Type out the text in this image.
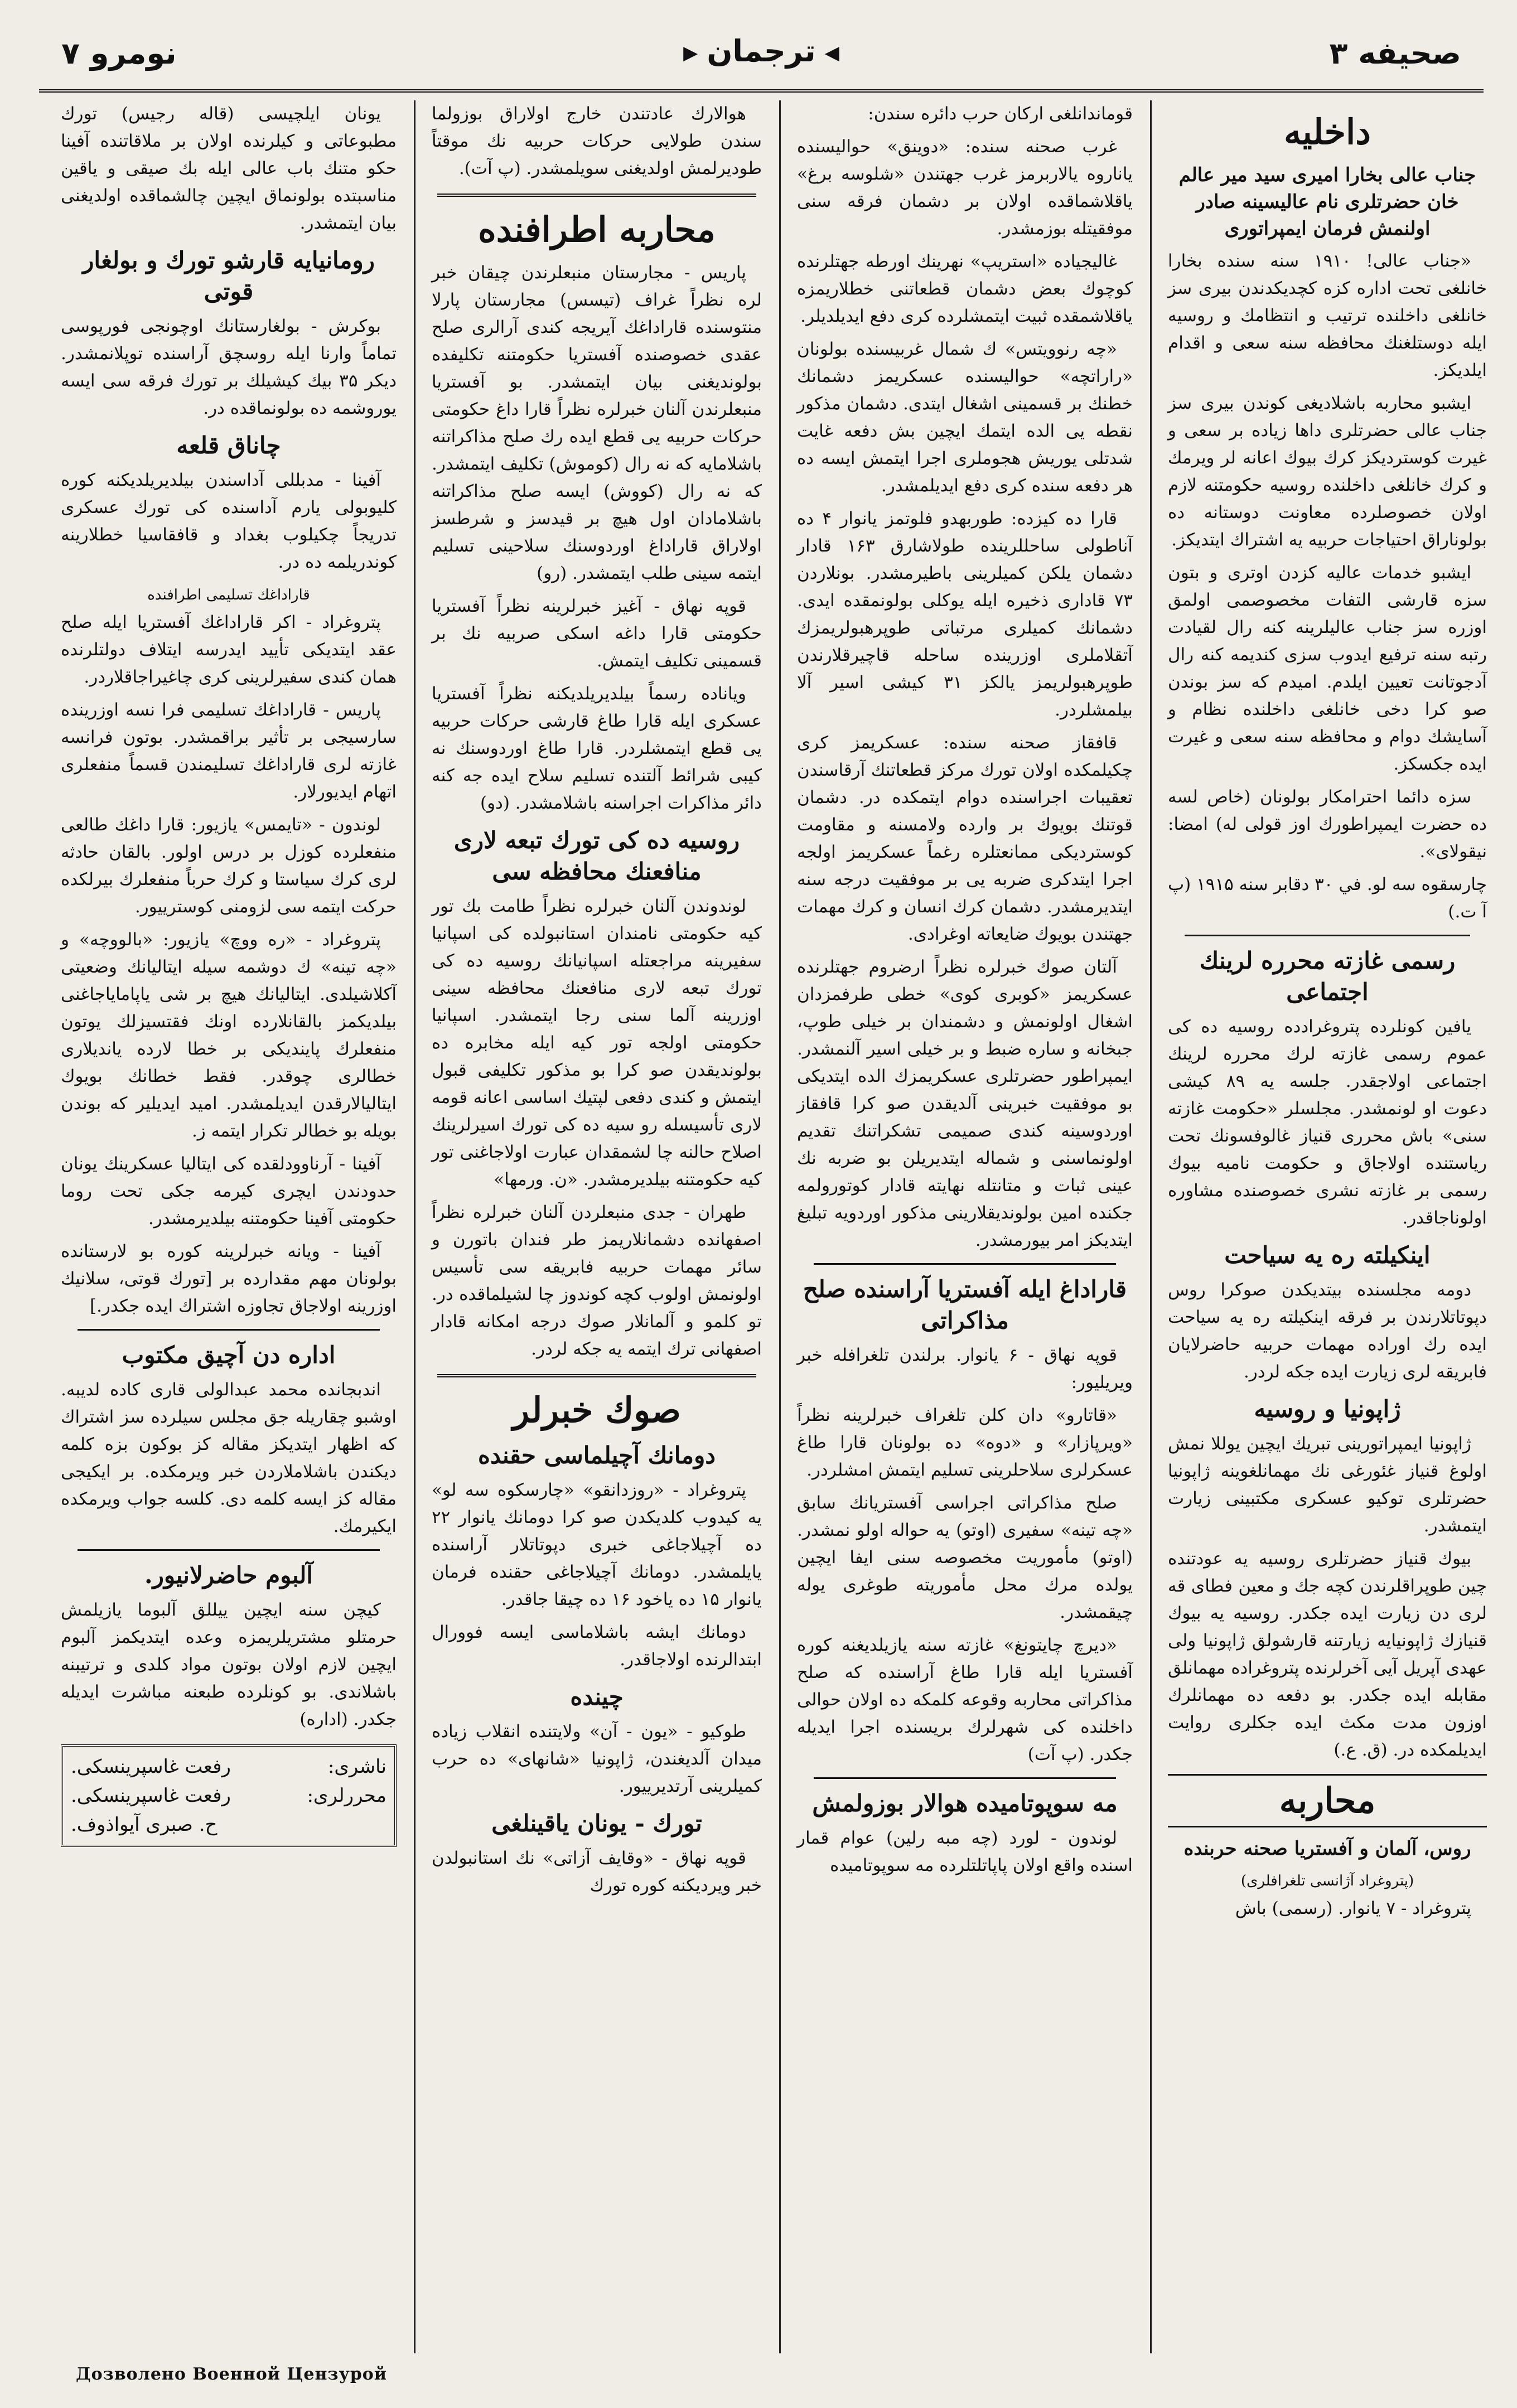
صحيفه ۳
◀ ترجمان ▶
نومرو ۷
داخليه
جناب عالى بخارا اميرى سيد مير عالم خان حضرتلرى نام عاليسينه صادر اولنمش فرمان ايمپراتورى

«جناب عالى! ۱۹۱۰ سنه سنده بخارا خانلغى تحت اداره كزه كچديكدندن بيرى سز خانلغى داخلنده ترتيب و انتظامك و روسيه ايله دوستلغنك محافظه سنه سعى و اقدام ايلديكز.

ايشبو محاربه باشلاديغى كوندن بيرى سز جناب عالى حضرتلرى داها زياده بر سعى و غيرت كوسترديكز كرك بيوك اعانه لر ويرمك و كرك خانلغى داخلنده روسيه حكومتنه لازم اولان خصوصلرده معاونت دوستانه ده بولوناراق احتياجات حربيه يه اشتراك ايتديكز.

ايشبو خدمات عاليه كزدن اوترى و بتون سزه قارشى التفات مخصوصمى اولمق اوزره سز جناب عاليلرينه كنه رال لقيادت رتبه سنه ترفيع ايدوب سزى كنديمه كنه رال آدجوتانت تعيين ايلدم. اميدم كه سز بوندن صو كرا دخى خانلغى داخلنده نظام و آسايشك دوام و محافظه سنه سعى و غيرت ايده جكسكز.

سزه دائما احترامكار بولونان (خاص لسه ده حضرت ايمپراطورك اوز قولى له) امضا: نيقولاى».

چارسقوه سه لو. في ۳۰ دقابر سنه ۱۹۱۵ (پ آ ت.)

رسمى غازته محرره لرينك اجتماعى

يافين كونلرده پتروغرادده روسيه ده كى عموم رسمى غازته لرك محرره لرينك اجتماعى اولاجقدر. جلسه يه ۸۹ كيشى دعوت او لونمشدر. مجلسلر «حكومت غازته سنى» باش محررى قنياز غالوفسونك تحت رياستنده اولاجاق و حكومت ناميه بيوك رسمى بر غازته نشرى خصوصنده مشاوره اولوناجاقدر.

اينكيلته ره يه سياحت

دومه مجلسنده بيتديكدن صوكرا روس دپوتاتلارندن بر فرقه اينكيلته ره يه سياحت ايده رك اوراده مهمات حربيه حاضرلايان فابريقه لرى زيارت ايده جكه لردر.

ژاپونيا و روسيه

ژاپونيا ايمپراتورينى تبريك ايچين يوللا نمش اولوغ قنياز غئورغى نك مهمانلغوينه ژاپونيا حضرتلرى توكيو عسكرى مكتبينى زيارت ايتمشدر.

بيوك قنياز حضرتلرى روسيه يه عودتنده چين طوپراقلرندن كچه جك و معين فطاى قه لرى دن زيارت ايده جكدر. روسيه يه بيوك قنيازك ژاپونيايه زيارتنه قارشولق ژاپونيا ولى عهدى آپريل آيى آخرلرنده پتروغراده مهمانلق مقابله ايده جكدر. بو دفعه ده مهمانلرك اوزون مدت مكث ايده جكلرى روايت ايديلمكده در. (ق. ع.)

محاربه
روس، آلمان و آفستريا صحنه حربنده
(پتروغراد آژانسى تلغرافلرى)

پتروغراد - ۷ يانوار. (رسمى) باش

قوماندانلغى اركان حرب دائره سندن:

غرب صحنه سنده: «دوينق» حواليسنده ياناروه يالاربرمز غرب جهتندن «شلوسه برغ» ياقلاشماقده اولان بر دشمان فرقه سنى موفقيتله بوزمشدر.

غاليجياده «استريپ» نهرينك اورطه جهتلرنده كوچوك بعض دشمان قطعاتنى خطلاريمزه ياقلاشمقده ثبيت ايتمشلرده كرى دفع ايديلديلر.

«چه رنوويتس» ك شمال غربيسنده بولونان «راراتچه» حواليسنده عسكريمز دشمانك خطنك بر قسمينى اشغال ايتدى. دشمان مذكور نقطه يى الده ايتمك ايچين بش دفعه غايت شدتلى يوريش هجوملرى اجرا ايتمش ايسه ده هر دفعه سنده كرى دفع ايديلمشدر.

قارا ده كيزده: طوربهدو فلوتمز يانوار ۴ ده آناطولى ساحللرينده طولاشارق ۱۶۳ قادار دشمان يلكن كميلرينى باطيرمشدر. بونلاردن ۷۳ قادارى ذخيره ايله يوكلى بولونمقده ايدى. دشمانك كميلرى مرتباتى طوپرهبولريمزك آتقلاملرى اوزرينده ساحله قاچيرقلارندن طوپرهبولريمز يالكز ۳۱ كيشى اسير آلا بيلمشلردر.

قافقاز صحنه سنده: عسكريمز كرى چكيلمكده اولان تورك مركز قطعاتنك آرقاسندن تعقيبات اجراسنده دوام ايتمكده در. دشمان قوتنك بويوك بر وارده ولامسنه و مقاومت كوسترديكى ممانعتلره رغماً عسكريمز اولجه اجرا ايتدكرى ضربه يى بر موفقيت درجه سنه ايتديرمشدر. دشمان كرك انسان و كرك مهمات جهتندن بويوك ضايعاته اوغرادى.

آلتان صوك خبرلره نظراً ارضروم جهتلرنده عسكريمز «كوبرى كوى» خطى طرفمزدان اشغال اولونمش و دشمندان بر خيلى طوپ، جبخانه و ساره ضبط و بر خيلى اسير آلنمشدر. ايمپراطور حضرتلرى عسكريمزك الده ايتديكى بو موفقيت خبرينى آلديقدن صو كرا قافقاز اوردوسينه كندى صميمى تشكراتنك تقديم اولونماسنى و شماله ايتديريلن بو ضربه نك عينى ثبات و متانتله نهايته قادار كوتورولمه جكنده امين بولونديقلارينى مذكور اوردويه تبليغ ايتديكز امر بيورمشدر.

قاراداغ ايله آفستريا آراسنده صلح مذاكراتى

قوپه نهاق - ۶ يانوار. برلندن تلغرافله خبر ويريليور:

«قاتارو» دان كلن تلغراف خبرلرينه نظراً «ويرپازار» و «دوه» ده بولونان قارا طاغ عسكرلرى سلاحلرينى تسليم ايتمش امشلردر.

صلح مذاكراتى اجراسى آفستريانك سابق «چه تينه» سفيرى (اوتو) يه حواله اولو نمشدر. (اوتو) مأموريت مخصوصه سنى ايفا ايچين يولده مرك محل مأموريته طوغرى يوله چيقمشدر.

«ديرچ چايتونغ» غازته سنه يازيلديغنه كوره آفستريا ايله قارا طاغ آراسنده كه صلح مذاكراتى محاربه وقوعه كلمكه ده اولان حوالى داخلنده كى شهرلرك بريسنده اجرا ايديله جكدر. (پ آت)

مه سوپوتاميده هوالار بوزولمش

لوندون - لورد (چه مبه رلين) عوام قمار اسنده واقع اولان پاپاتلتلرده مه سوپوتاميده

هوالارك عادتندن خارج اولاراق بوزولما سندن طولايى حركات حربيه نك موقتاً طوديرلمش اولديغنى سويلمشدر. (پ آت).

محاربه اطرافنده

پاريس - مجارستان منبعلرندن چيقان خبر لره نظراً غراف (تيسس) مجارستان پارلا منتوسنده قاراداغك آيريجه كندى آرالرى صلح عقدى خصوصنده آفستريا حكومتنه تكليفده بولونديغنى بيان ايتمشدر. بو آفستريا منبعلرندن آلنان خبرلره نظراً قارا داغ حكومتى حركات حربيه يى قطع ايده رك صلح مذاكراتنه باشلامايه كه نه رال (كوموش) تكليف ايتمشدر. كه نه رال (كووش) ايسه صلح مذاكراتنه باشلامادان اول هيچ بر قيدسز و شرطسز اولاراق قاراداغ اوردوسنك سلاحينى تسليم ايتمه سينى طلب ايتمشدر. (رو)

قوپه نهاق - آغيز خبرلرينه نظراً آفستريا حكومتى قارا داغه اسكى صربيه نك بر قسمينى تكليف ايتمش.

وياناده رسماً بيلديريلديكنه نظراً آفستريا عسكرى ايله قارا طاغ قارشى حركات حربيه يى قطع ايتمشلردر. قارا طاغ اوردوسنك نه كيبى شرائط آلتنده تسليم سلاح ايده جه كنه دائر مذاكرات اجراسنه باشلامشدر. (دو)

روسيه ده كى تورك تبعه لارى منافعنك محافظه سى

لوندوندن آلنان خبرلره نظراً طامت بك تور كيه حكومتى نامندان استانبولده كى اسپانيا سفيرينه مراجعتله اسپانيانك روسيه ده كى تورك تبعه لارى منافعنك محافظه سينى اوزرينه آلما سنى رجا ايتمشدر. اسپانيا حكومتى اولجه تور كيه ايله مخابره ده بولونديقدن صو كرا بو مذكور تكليفى قبول ايتمش و كندى دفعى لپتيك اساسى اعانه قومه لارى تأسيسله رو سيه ده كى تورك اسيرلرينك اصلاح حالنه چا لشمقدان عبارت اولاجاغنى تور كيه حكومتنه بيلديرمشدر. «ن. ورمها»

طهران - جدى منبعلردن آلنان خبرلره نظراً اصفهانده دشمانلاريمز طر فندان باتورن و سائر مهمات حربيه فابريقه سى تأسيس اولونمش اولوب كچه كوندوز چا لشيلماقده در. تو كلمو و آلمانلار صوك درجه امكانه قادار اصفهانى ترك ايتمه يه جكه لردر.

صوك خبرلر
دومانك آچيلماسى حقنده

پتروغراد - «روزدانقو» «چارسكوه سه لو» يه كيدوب كلديكدن صو كرا دومانك يانوار ۲۲ ده آچيلاجاغى خبرى دپوتاتلار آراسنده يايلمشدر. دومانك آچيلاجاغى حقنده فرمان يانوار ۱۵ ده ياخود ۱۶ ده چيقا جاقدر.

دومانك ايشه باشلاماسى ايسه فوورال ابتدالرنده اولاجاقدر.

چينده

طوكيو - «يون - آن» ولايتنده انقلاب زياده ميدان آلديغندن، ژاپونيا «شانهاى» ده حرب كميلرينى آرتديرييور.

تورك - يونان ياقينلغى

قوپه نهاق - «وقايف آزاتى» نك استانبولدن خبر ويرديكنه كوره تورك

يونان ايلچيسى (قاله رجيس) تورك مطبوعاتى و كيلرنده اولان بر ملاقاتنده آفينا حكو متنك باب عالى ايله بك صيقى و ياقين مناسبتده بولونماق ايچين چالشماقده اولديغنى بيان ايتمشدر.

رومانيايه قارشو تورك و بولغار قوتى

بوكرش - بولغارستانك اوچونجى فورپوسى تماماً وارنا ايله روسچق آراسنده توپلانمشدر. ديكر ۳۵ بيك كيشيلك بر تورك فرقه سى ايسه يوروشمه ده بولونماقده در.

چاناق قلعه

آفينا - مدبللى آداسندن بيلديريلديكنه كوره كليوبولى يارم آداسنده كى تورك عسكرى تدريجاً چكيلوب بغداد و قافقاسيا خطلارينه كوندريلمه ده در.

قاراداغك تسليمى اطرافنده

پتروغراد - اكر قاراداغك آفستريا ايله صلح عقد ايتديكى تأييد ايدرسه ايتلاف دولتلرنده همان كندى سفيرلرينى كرى چاغيراجاقلاردر.

پاريس - قاراداغك تسليمى فرا نسه اوزرينده سارسيجى بر تأثير براقمشدر. بوتون فرانسه غازته لرى قاراداغك تسليمندن قسماً منفعلرى اتهام ايديورلار.

لوندون - «تايمس» يازيور: قارا داغك طالعى منفعلرده كوزل بر درس اولور. بالقان حادثه لرى كرك سياستا و كرك حرباً منفعلرك بيرلكده حركت ايتمه سى لزومنى كوسترييور.

پتروغراد - «ره ووچ» يازيور: «بالووچه» و «چه تينه» ك دوشمه سيله ايتاليانك وضعيتى آكلاشيلدى. ايتاليانك هيچ بر شى ياپاماياجاغنى بيلديكمز بالقانلارده اونك فقتسيزلك يوتون منفعلرك پاينديكى بر خطا لارده يانديلارى خطالرى چوقدر. فقط خطانك بويوك ايتاليالارقدن ايديلمشدر. اميد ايديلير كه بوندن بويله بو خطالر تكرار ايتمه ز.

آفينا - آرناوودلقده كى ايتاليا عسكرينك يونان حدودندن ايچرى كيرمه جكى تحت روما حكومتى آفينا حكومتنه بيلديرمشدر.

آفينا - ويانه خبرلرينه كوره بو لارستانده بولونان مهم مقدارده بر [تورك قوتى، سلانيك اوزرينه اولاجاق تجاوزه اشتراك ايده جكدر.]

اداره دن آچيق مكتوب

اندبجانده محمد عبدالولى قارى كاده لديبه. اوشبو چقاريله جق مجلس سيلرده سز اشتراك كه اظهار ايتديكز مقاله كز بوكون بزه كلمه ديكندن باشلاملاردن خبر ويرمكده. بر ايكيجى مقاله كز ايسه كلمه دى. كلسه جواب ويرمكده ايكيرمك.

آلبوم حاضرلانيور.

كيچن سنه ايچين ييللق آلبوما يازيلمش حرمتلو مشتريلريمزه وعده ايتديكمز آلبوم ايچين لازم اولان بوتون مواد كلدى و ترتيبنه باشلاندى. بو كونلرده طبعنه مباشرت ايديله جكدر. (اداره)

ناشرى:
رفعت غاسپرينسكى.
محررلرى:
رفعت غاسپرينسكى.
ح. صبرى آيواذوف.
Дозволено Военной Цензурой
